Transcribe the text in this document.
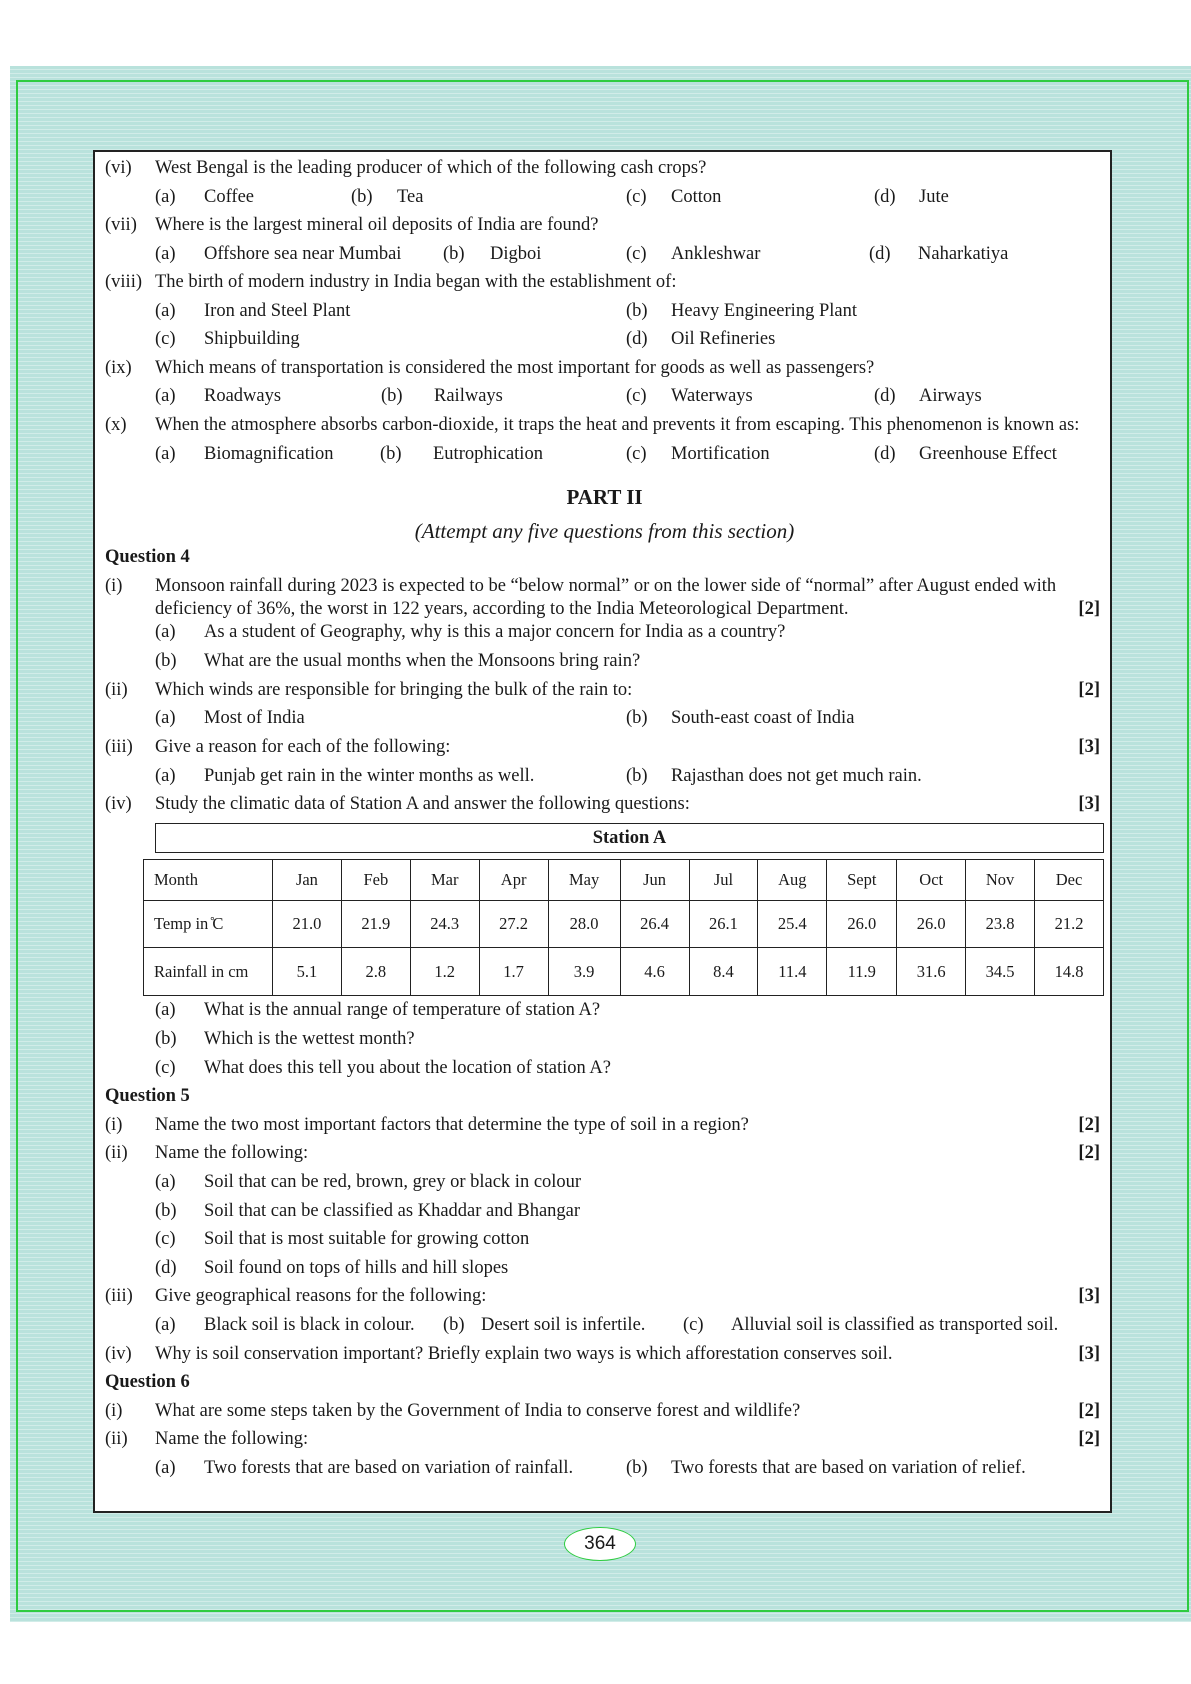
(vi) West Bengal is the leading producer of which of the following cash crops?
(a) Coffee	(b) Tea	(c) Cotton	(d) Jute
(vii) Where is the largest mineral oil deposits of India are found?
(a) Offshore sea near Mumbai (b) Digboi	(c) Ankleshwar	(d) Naharkatiya
(viii) The birth of modern industry in India began with the establishment of:
(a) Iron and Steel Plant	(b) Heavy Engineering Plant
(c) Shipbuilding	(d) Oil Refineries
(ix) Which means of transportation is considered the most important for goods as well as passengers?
(a) Roadways	(b) Railways	(c) Waterways	(d) Airways
(x) When the atmosphere absorbs carbon-dioxide, it traps the heat and prevents it from escaping. This phenomenon is known as:
(a) Biomagnification	(b) Eutrophication	(c) Mortification	(d) Greenhouse Effect
PART II
(Attempt any five questions from this section)
Question 4
(i) Monsoon rainfall during 2023 is expected to be “below normal” or on the lower side of “normal” after August ended with
deficiency of 36%, the worst in 122 years, according to the India Meteorological Department.	[2]
(a) As a student of Geography, why is this a major concern for India as a country?
(b) What are the usual months when the Monsoons bring rain?
(ii) Which winds are responsible for bringing the bulk of the rain to:	[2]
(a) Most of India	(b) South-east coast of India
(iii) Give a reason for each of the following:	[3]
(a) Punjab get rain in the winter months as well.	(b) Rajasthan does not get much rain.
(iv) Study the climatic data of Station A and answer the following questions:	[3]
Station A
Month	Jan	Feb	Mar	Apr	May	Jun	Jul	Aug	Sept	Oct	Nov	Dec
Temp in ̊C	21.0	21.9	24.3	27.2	28.0	26.4	26.1	25.4	26.0	26.0	23.8	21.2
Rainfall in cm	5.1	2.8	1.2	1.7	3.9	4.6	8.4	11.4	11.9	31.6	34.5	14.8
(a) What is the annual range of temperature of station A?
(b) Which is the wettest month?
(c) What does this tell you about the location of station A?
Question 5
(i) Name the two most important factors that determine the type of soil in a region?	[2]
(ii) Name the following:	[2]
(a) Soil that can be red, brown, grey or black in colour
(b) Soil that can be classified as Khaddar and Bhangar
(c) Soil that is most suitable for growing cotton
(d) Soil found on tops of hills and hill slopes
(iii) Give geographical reasons for the following:	[3]
(a) Black soil is black in colour. (b) Desert soil is infertile. (c) Alluvial soil is classified as transported soil.
(iv) Why is soil conservation important? Briefly explain two ways is which afforestation conserves soil.	[3]
Question 6
(i) What are some steps taken by the Government of India to conserve forest and wildlife?	[2]
(ii) Name the following:	[2]
(a) Two forests that are based on variation of rainfall.	(b) Two forests that are based on variation of relief.
364
